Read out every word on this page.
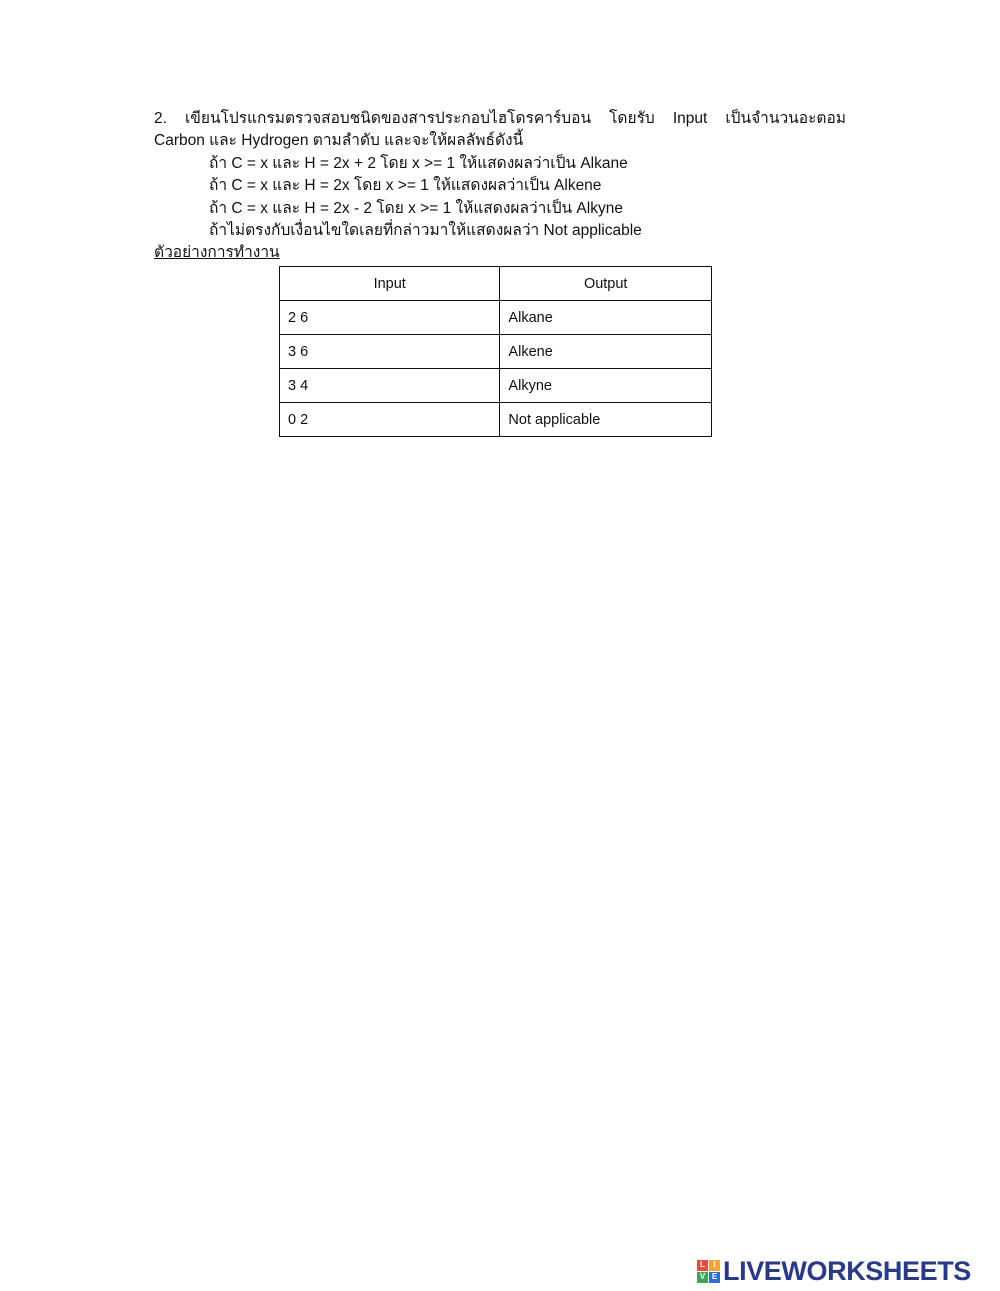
2. เขียนโปรแกรมตรวจสอบชนิดของสารประกอบไฮโดรคาร์บอน โดยรับ Input เป็นจำนวนอะตอม
Carbon และ Hydrogen ตามลำดับ และจะให้ผลลัพธ์ดังนี้
ถ้า C = x และ H = 2x + 2 โดย x >= 1 ให้แสดงผลว่าเป็น Alkane
ถ้า C = x และ H = 2x โดย x >= 1 ให้แสดงผลว่าเป็น Alkene
ถ้า C = x และ H = 2x - 2 โดย x >= 1 ให้แสดงผลว่าเป็น Alkyne
ถ้าไม่ตรงกับเงื่อนไขใดเลยที่กล่าวมาให้แสดงผลว่า Not applicable
ตัวอย่างการทำงาน
Input	Output
2 6	Alkane
3 6	Alkene
3 4	Alkyne
0 2	Not applicable
L	I
V E LIVEWORKSHEETS
